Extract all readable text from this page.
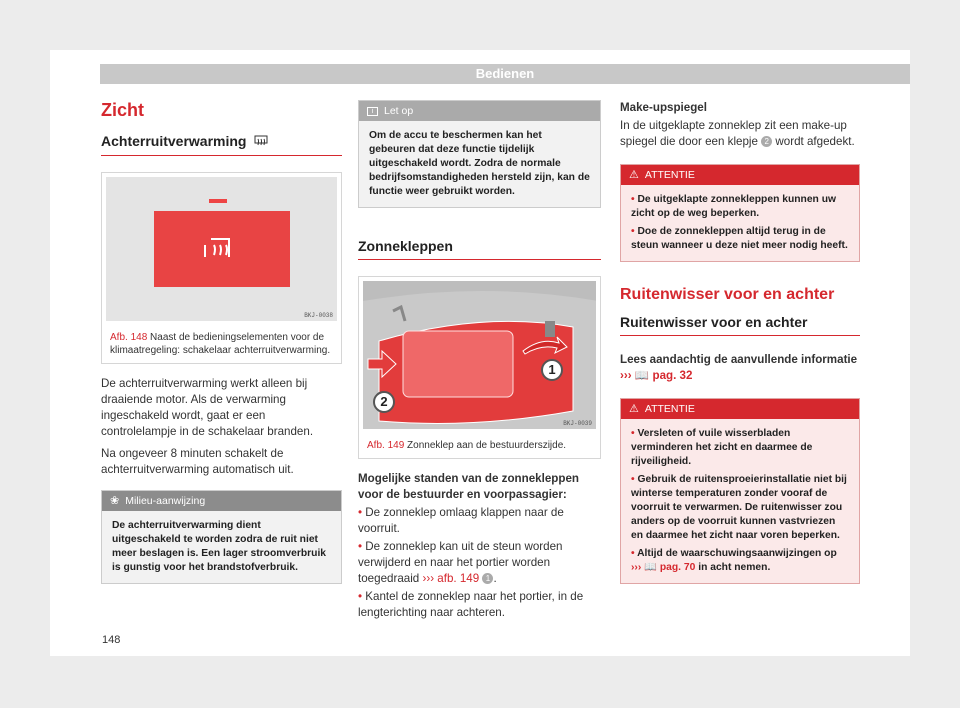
Bedienen
Zicht
Achterruitverwarming
BKJ-0038
Afb. 148 Naast de bedieningselementen voor de klimaatregeling: schakelaar achterruitverwarming.

De achterruitverwarming werkt alleen bij draaiende motor. Als de verwarming ingeschakeld wordt, gaat er een controlelampje in de schakelaar branden.

Na ongeveer 8 minuten schakelt de achterruitverwarming automatisch uit.

❀ Milieu-aanwijzing
De achterruitverwarming dient uitgeschakeld te worden zodra de ruit niet meer beslagen is. Een lager stroomverbruik is gunstig voor het brandstofverbruik.
i	Let op
Om de accu te beschermen kan het gebeuren dat deze functie tijdelijk uitgeschakeld wordt. Zodra de normale bedrijfsomstandigheden hersteld zijn, kan de functie weer gebruikt worden.
Zonnekleppen
1
2
BKJ-0039
Afb. 149 Zonneklep aan de bestuurderszijde.

Mogelijke standen van de zonnekleppen voor de bestuurder en voorpassagier:

• De zonneklep omlaag klappen naar de voorruit.

• De zonneklep kan uit de steun worden verwijderd en naar het portier worden toegedraaid ››› afb. 149 1 .

• Kantel de zonneklep naar het portier, in de lengterichting naar achteren.

Make-upspiegel

In de uitgeklapte zonneklep zit een make-up spiegel die door een klepje 2 wordt afgedekt.

⚠ ATTENTIE
• De uitgeklapte zonnekleppen kunnen uw zicht op de weg beperken.
• Doe de zonnekleppen altijd terug in de steun wanneer u deze niet meer nodig heeft.
Ruitenwisser voor en achter
Ruitenwisser voor en achter

Lees aandachtig de aanvullende informatie
››› 📖 pag. 32

⚠ ATTENTIE
• Versleten of vuile wisserbladen verminderen het zicht en daarmee de rijveiligheid.
• Gebruik de ruitensproeierinstallatie niet bij winterse temperaturen zonder vooraf de voorruit te verwarmen. De ruitenwisser zou anders op de voorruit kunnen vastvriezen en daarmee het zicht naar voren beperken.
• Altijd de waarschuwingsaanwijzingen op ››› 📖 pag. 70 in acht nemen.
148
